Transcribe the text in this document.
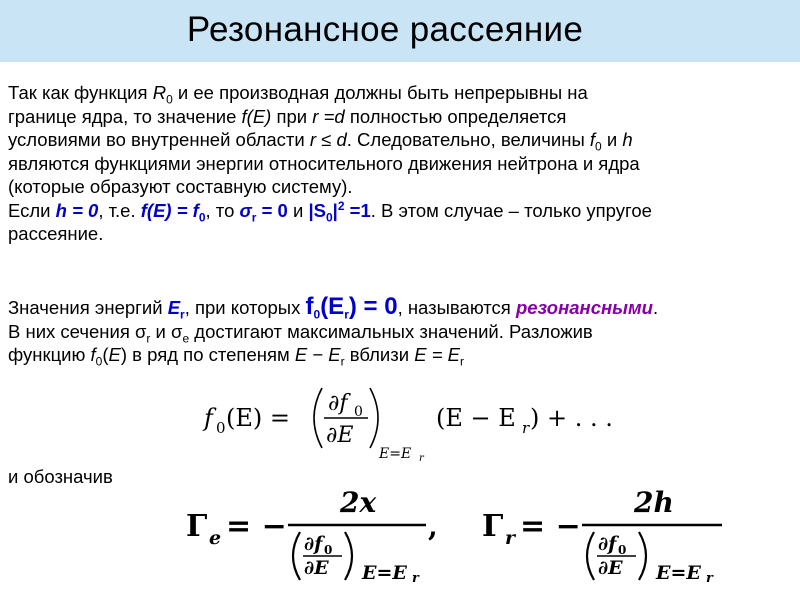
Резонансное рассеяние

Так как функция $R_0$ и ее производная должны быть непрерывны на
границе ядра, то значение f(E) при r =d полностью определяется
условиями во внутренней области r ≤ d. Следовательно, величины $f_0$ и h
являются функциями энергии относительного движения нейтрона и ядра
(которые образуют составную систему).
Если h = 0, т.е. $f(E) = f_0$, то $\sigma_r = 0$ и $|S_0|^2 =1$. В этом случае – только упругое
рассеяние.

Значения энергий $E_r$, при которых $f_0(E_r) = 0$, называются резонансными.
В них сечения $\sigma_r$ и $\sigma_e$ достигают максимальных значений. Разложив
функцию $f_0(E)$ в ряд по степеням $E - E_r$ вблизи $E = E_r$

f 0 (E) =
∂f 0
∂E
E=E r
(E − E r ) + . . .
и обозначив
Γ e = −
2x
∂f 0
∂E E=E r
, Γ r = −
2h
∂f 0
∂E E=E r
